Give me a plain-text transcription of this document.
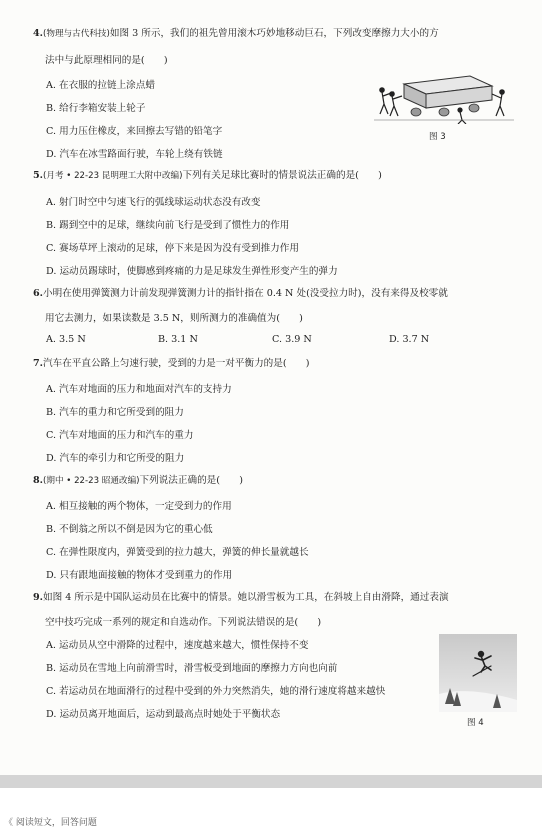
4.(物理与古代科技)如图 3 所示，我们的祖先曾用滚木巧妙地移动巨石，下列改变摩擦力大小的方
法中与此原理相同的是(　　)
A. 在衣服的拉链上涂点蜡
B. 给行李箱安装上轮子
C. 用力压住橡皮，来回擦去写错的铅笔字
D. 汽车在冰雪路面行驶，车轮上绕有铁链
图 3
5.(月考 • 22-23 昆明理工大附中改编)下列有关足球比赛时的情景说法正确的是(　　)
A. 射门时空中匀速飞行的弧线球运动状态没有改变
B. 踢到空中的足球，继续向前飞行是受到了惯性力的作用
C. 赛场草坪上滚动的足球，停下来是因为没有受到推力作用
D. 运动员踢球时，使脚感到疼痛的力是足球发生弹性形变产生的弹力
6.小明在使用弹簧测力计前发现弹簧测力计的指针指在 0.4 N 处(没受拉力时)，没有来得及校零就
用它去测力，如果读数是 3.5 N，则所测力的准确值为(　　)
A. 3.5 N	B. 3.1 N	C. 3.9 N	D. 3.7 N
7.汽车在平直公路上匀速行驶，受到的力是一对平衡力的是(　　)
A. 汽车对地面的压力和地面对汽车的支持力
B. 汽车的重力和它所受到的阻力
C. 汽车对地面的压力和汽车的重力
D. 汽车的牵引力和它所受的阻力
8.(期中 • 22-23 昭通改编)下列说法正确的是(　　)
A. 相互接触的两个物体，一定受到力的作用
B. 不倒翁之所以不倒是因为它的重心低
C. 在弹性限度内，弹簧受到的拉力越大，弹簧的伸长量就越长
D. 只有跟地面接触的物体才受到重力的作用
9.如图 4 所示是中国队运动员在比赛中的情景。她以滑雪板为工具，在斜坡上自由滑降，通过表演
空中技巧完成一系列的规定和自选动作。下列说法错误的是(　　)
A. 运动员从空中滑降的过程中，速度越来越大，惯性保持不变
B. 运动员在雪地上向前滑雪时，滑雪板受到地面的摩擦力方向也向前
C. 若运动员在地面滑行的过程中受到的外力突然消失，她的滑行速度将越来越快
D. 运动员离开地面后，运动到最高点时她处于平衡状态
图 4
《 阅读短文，回答问题
